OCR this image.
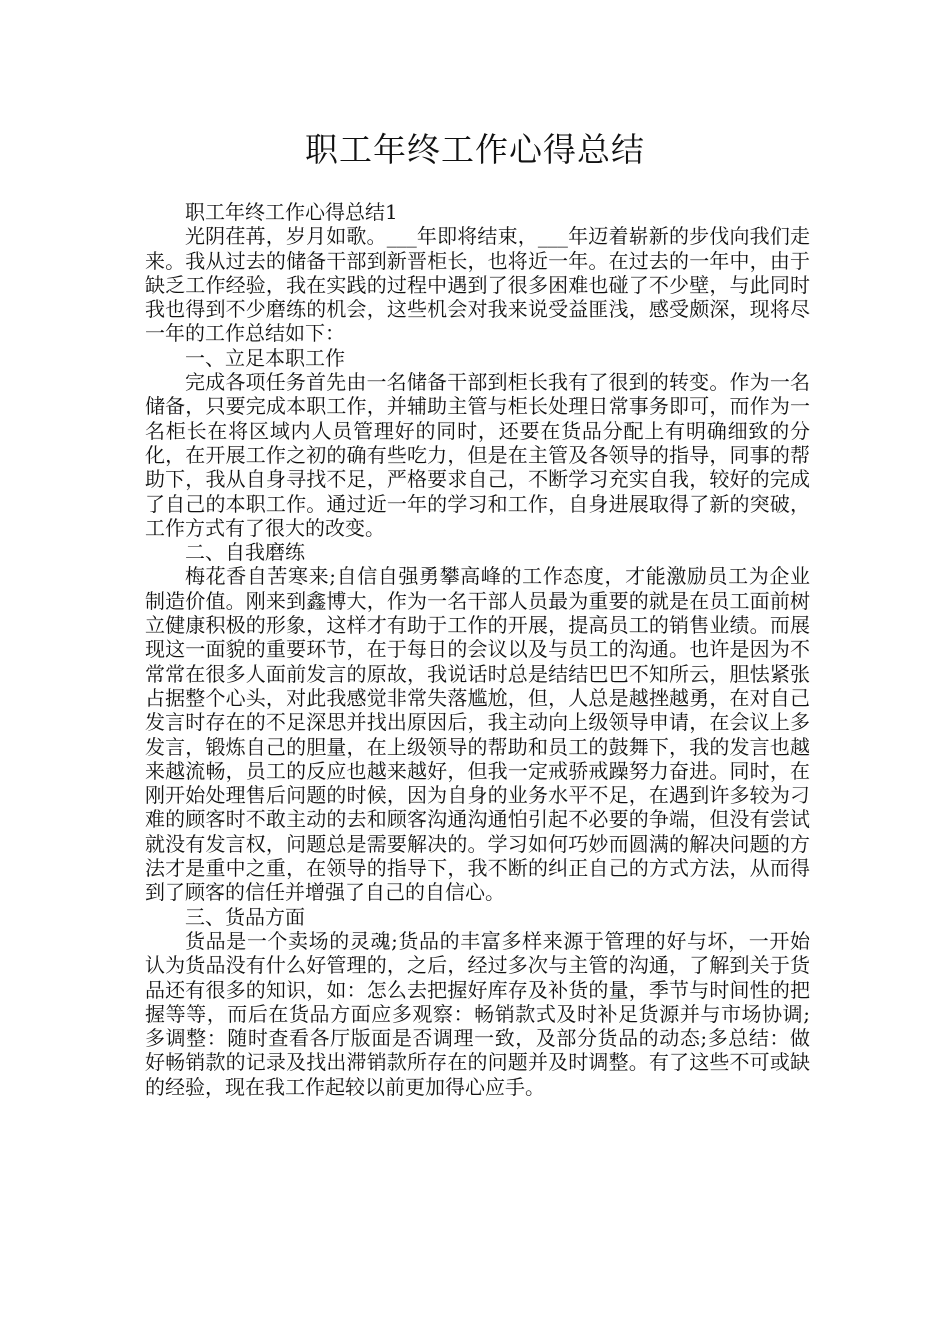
职工年终工作心得总结

职工年终工作心得总结1

光阴荏苒，岁月如歌。___年即将结束，___年迈着崭新的步伐向我们走来。我从过去的储备干部到新晋柜长，也将近一年。在过去的一年中，由于缺乏工作经验，我在实践的过程中遇到了很多困难也碰了不少壁，与此同时我也得到不少磨练的机会，这些机会对我来说受益匪浅，感受颇深，现将尽一年的工作总结如下：

一、立足本职工作

完成各项任务首先由一名储备干部到柜长我有了很到的转变。作为一名储备，只要完成本职工作，并辅助主管与柜长处理日常事务即可，而作为一名柜长在将区域内人员管理好的同时，还要在货品分配上有明确细致的分化，在开展工作之初的确有些吃力，但是在主管及各领导的指导，同事的帮助下，我从自身寻找不足，严格要求自己，不断学习充实自我，较好的完成了自己的本职工作。通过近一年的学习和工作，自身进展取得了新的突破，工作方式有了很大的改变。

二、自我磨练

梅花香自苦寒来;自信自强勇攀高峰的工作态度，才能激励员工为企业制造价值。刚来到鑫博大，作为一名干部人员最为重要的就是在员工面前树立健康积极的形象，这样才有助于工作的开展，提高员工的销售业绩。而展现这一面貌的重要环节，在于每日的会议以及与员工的沟通。也许是因为不常常在很多人面前发言的原故，我说话时总是结结巴巴不知所云，胆怯紧张占据整个心头，对此我感觉非常失落尴尬，但，人总是越挫越勇，在对自己发言时存在的不足深思并找出原因后，我主动向上级领导申请，在会议上多发言，锻炼自己的胆量，在上级领导的帮助和员工的鼓舞下，我的发言也越来越流畅，员工的反应也越来越好，但我一定戒骄戒躁努力奋进。同时，在刚开始处理售后问题的时候，因为自身的业务水平不足，在遇到许多较为刁难的顾客时不敢主动的去和顾客沟通沟通怕引起不必要的争端，但没有尝试就没有发言权，问题总是需要解决的。学习如何巧妙而圆满的解决问题的方法才是重中之重，在领导的指导下，我不断的纠正自己的方式方法，从而得到了顾客的信任并增强了自己的自信心。

三、货品方面

货品是一个卖场的灵魂;货品的丰富多样来源于管理的好与坏，一开始认为货品没有什么好管理的，之后，经过多次与主管的沟通，了解到关于货品还有很多的知识，如：怎么去把握好库存及补货的量，季节与时间性的把握等等，而后在货品方面应多观察：畅销款式及时补足货源并与市场协调;多调整：随时查看各厅版面是否调理一致，及部分货品的动态;多总结：做好畅销款的记录及找出滞销款所存在的问题并及时调整。有了这些不可或缺的经验，现在我工作起较以前更加得心应手。
